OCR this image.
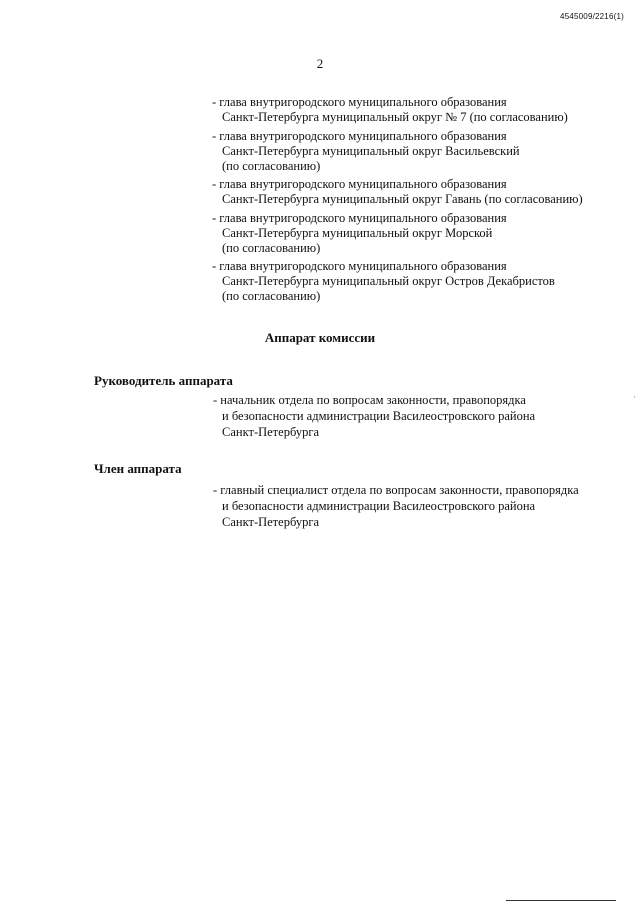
4545009/2216(1)
2
- глава внутригородского муниципального образования
Санкт-Петербурга муниципальный округ № 7 (по согласованию)
- глава внутригородского муниципального образования
Санкт-Петербурга муниципальный округ Васильевский
(по согласованию)
- глава внутригородского муниципального образования
Санкт-Петербурга муниципальный округ Гавань (по согласованию)
- глава внутригородского муниципального образования
Санкт-Петербурга муниципальный округ Морской
(по согласованию)
- глава внутригородского муниципального образования
Санкт-Петербурга муниципальный округ Остров Декабристов
(по согласованию)
Аппарат комиссии
Руководитель аппарата
- начальник отдела по вопросам законности, правопорядка
и безопасности администрации Василеостровского района
Санкт-Петербурга
Член аппарата
- главный специалист отдела по вопросам законности, правопорядка
и безопасности администрации Василеостровского района
Санкт-Петербурга
·
